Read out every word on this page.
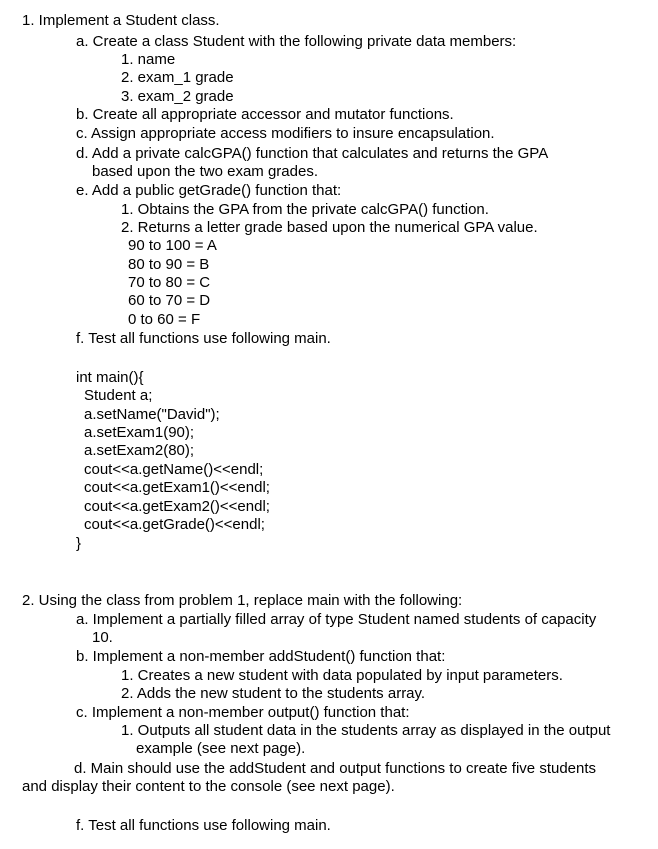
1. Implement a Student class.
a. Create a class Student with the following private data members:
1. name
2. exam_1 grade
3. exam_2 grade
b. Create all appropriate accessor and mutator functions.
c. Assign appropriate access modifiers to insure encapsulation.
d. Add a private calcGPA() function that calculates and returns the GPA
based upon the two exam grades.
e. Add a public getGrade() function that:
1. Obtains the GPA from the private calcGPA() function.
2. Returns a letter grade based upon the numerical GPA value.
90 to 100 = A
80 to 90 = B
70 to 80 = C
60 to 70 = D
0 to 60 = F
f. Test all functions use following main.
int main(){
Student a;
a.setName("David");
a.setExam1(90);
a.setExam2(80);
cout<<a.getName()<<endl;
cout<<a.getExam1()<<endl;
cout<<a.getExam2()<<endl;
cout<<a.getGrade()<<endl;
}
2. Using the class from problem 1, replace main with the following:
a. Implement a partially filled array of type Student named students of capacity
10.
b. Implement a non-member addStudent() function that:
1. Creates a new student with data populated by input parameters.
2. Adds the new student to the students array.
c. Implement a non-member output() function that:
1. Outputs all student data in the students array as displayed in the output
example (see next page).
d. Main should use the addStudent and output functions to create five students
and display their content to the console (see next page).
f. Test all functions use following main.
